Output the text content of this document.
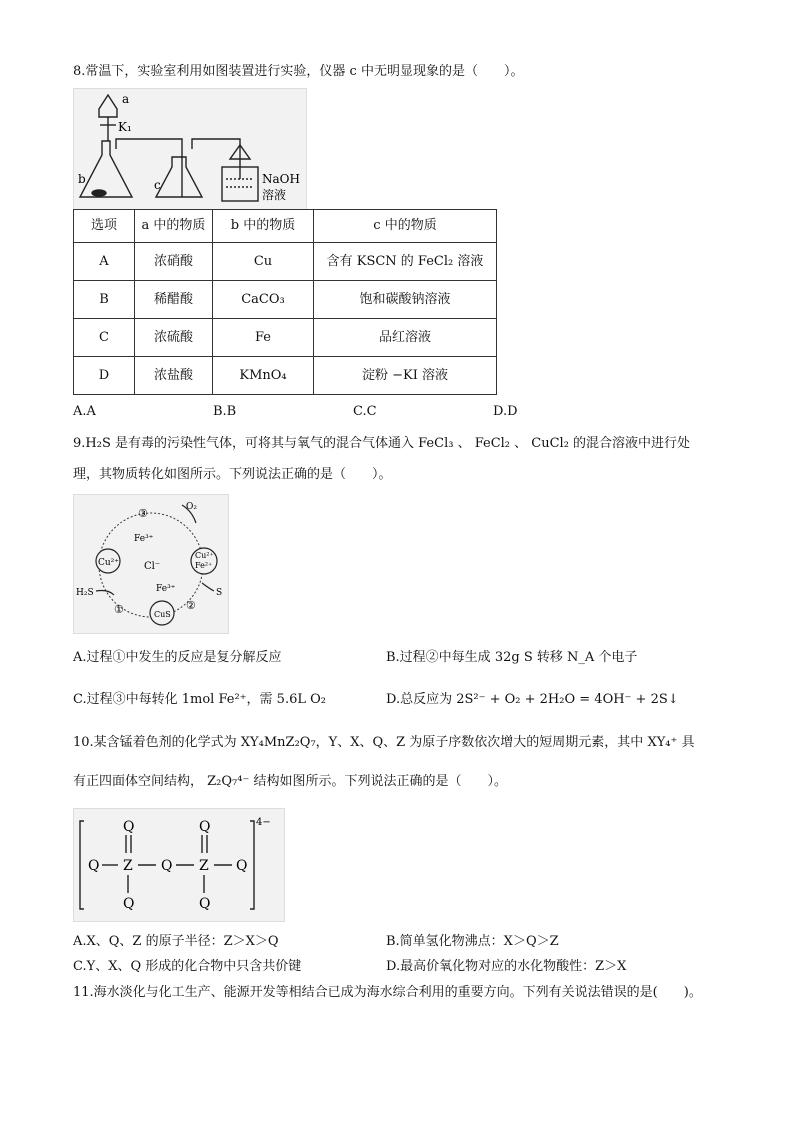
8.常温下，实验室利用如图装置进行实验，仪器 c 中无明显现象的是（　　）。
a
K₁
b	c	NaOH
溶液
选项	a 中的物质	b 中的物质	c 中的物质
A	浓硝酸	Cu	含有 KSCN 的 FeCl₂ 溶液
B	稀醋酸	CaCO₃	饱和碳酸钠溶液
C	浓硫酸	Fe	品红溶液
D	浓盐酸	KMnO₄	淀粉 −KI 溶液
A.A	B.B	C.C	D.D
9.H₂S 是有毒的污染性气体，可将其与氧气的混合气体通入 FeCl₃ 、 FeCl₂ 、 CuCl₂ 的混合溶液中进行处
理，其物质转化如图所示。下列说法正确的是（　　）。
O₂
③
Fe³⁺
Cu²⁺ Cl⁻
Cu²⁺
Fe²⁺
Fe³⁺
H₂S
①	CuS
②
S
A.过程①中发生的反应是复分解反应	B.过程②中每生成 32g S 转移 N_A 个电子
C.过程③中每转化 1mol Fe²⁺，需 5.6L O₂	D.总反应为 2S²⁻ + O₂ + 2H₂O = 4OH⁻ + 2S↓
10.某含锰着色剂的化学式为 XY₄MnZ₂Q₇，Y、X、Q、Z 为原子序数依次增大的短周期元素，其中 XY₄⁺ 具
有正四面体空间结构， Z₂Q₇⁴⁻ 结构如图所示。下列说法正确的是（　　）。
Q
Q Z Q Z Q
Q
Q	Q
4−
A.X、Q、Z 的原子半径：Z＞X＞Q	B.简单氢化物沸点：X＞Q＞Z
C.Y、X、Q 形成的化合物中只含共价键	D.最高价氧化物对应的水化物酸性：Z＞X
11.海水淡化与化工生产、能源开发等相结合已成为海水综合利用的重要方向。下列有关说法错误的是(　　)。
